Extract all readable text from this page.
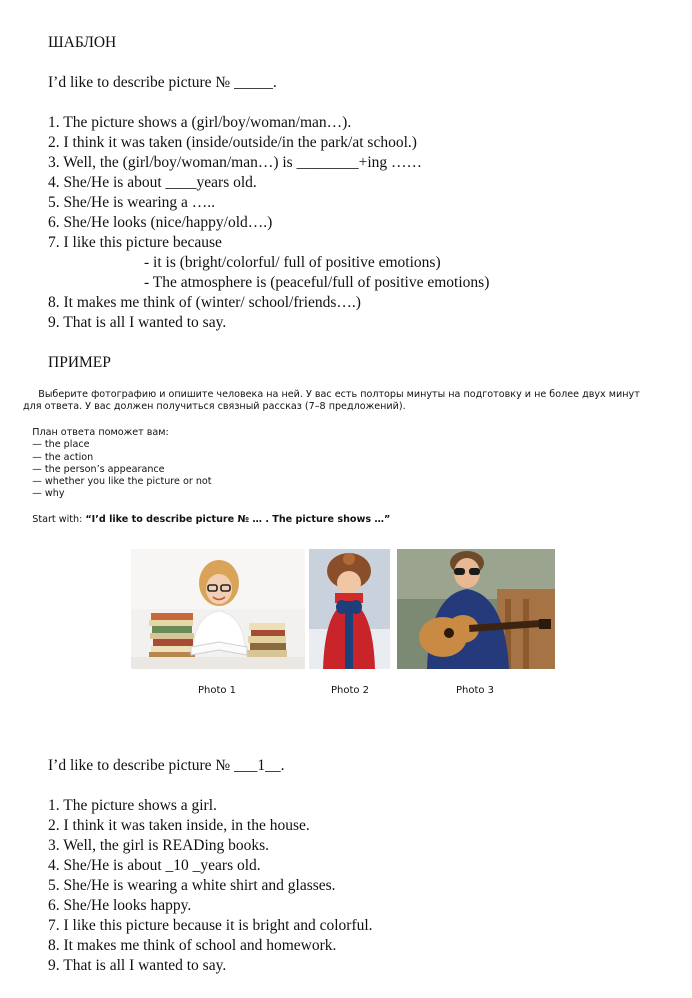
ШАБЛОН
I’d like to describe picture № _____.
1. The picture shows a (girl/boy/woman/man…).
2. I think it was taken (inside/outside/in the park/at school.)
3. Well, the (girl/boy/woman/man…) is ________+ing ……
4. She/He is about ____years old.
5. She/He is wearing a …..
6. She/He looks (nice/happy/old….)
7. I like this picture because
- it is (bright/colorful/ full of positive emotions)
- The atmosphere is (peaceful/full of positive emotions)
8. It makes me think of (winter/ school/friends….)
9. That is all I wanted to say.
ПРИМЕР
Выберите фотографию и опишите человека на ней. У вас есть полторы минуты на подготовку и не более двух минут
для ответа. У вас должен получиться связный рассказ (7–8 предложений).
План ответа поможет вам:
— the place
— the action
— the person’s appearance
— whether you like the picture or not
— why
Start with: “I’d like to describe picture № … . The picture shows …”
Photo 1	Photo 2	Photo 3
I’d like to describe picture № ___1__.
1. The picture shows a girl.
2. I think it was taken inside, in the house.
3. Well, the girl is READing books.
4. She/He is about _10 _years old.
5. She/He is wearing a white shirt and glasses.
6. She/He looks happy.
7. I like this picture because it is bright and colorful.
8. It makes me think of school and homework.
9. That is all I wanted to say.
